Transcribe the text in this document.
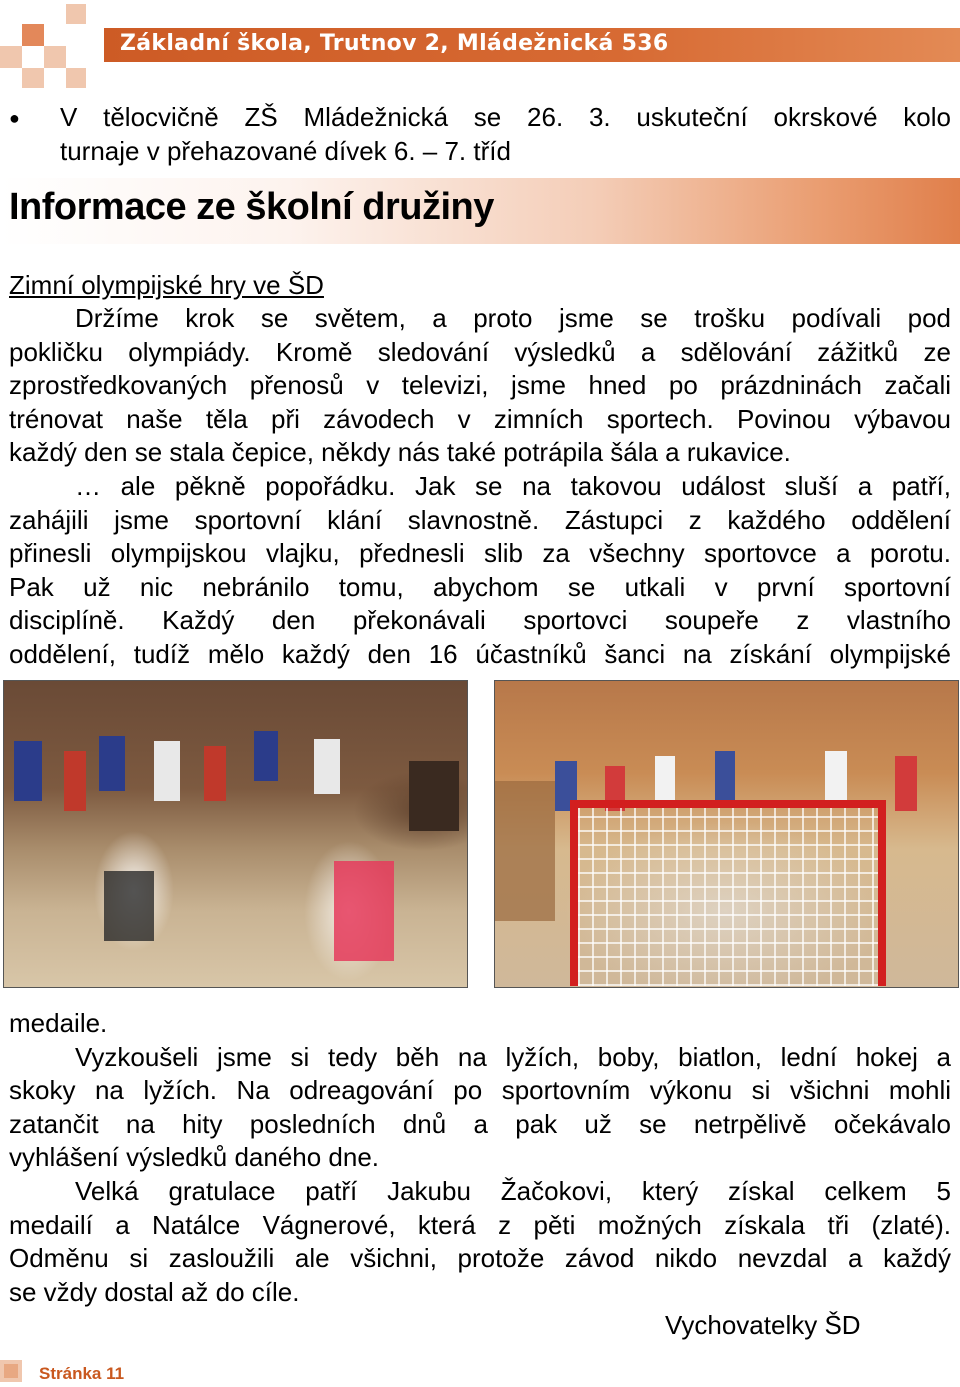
Základní škola, Trutnov 2, Mládežnická 536
● V tělocvičně ZŠ Mládežnická se 26. 3. uskuteční okrskové kolo
turnaje v přehazované dívek 6. – 7. tříd
Informace ze školní družiny
Zimní olympijské hry ve ŠD
Držíme krok se světem, a proto jsme se trošku podívali pod
pokličku olympiády. Kromě sledování výsledků a sdělování zážitků ze
zprostředkovaných přenosů v televizi, jsme hned po prázdninách začali
trénovat naše těla při závodech v zimních sportech. Povinou výbavou
každý den se stala čepice, někdy nás také potrápila šála a rukavice.
… ale pěkně popořádku. Jak se na takovou událost sluší a patří,
zahájili jsme sportovní klání slavnostně. Zástupci z každého oddělení
přinesli olympijskou vlajku, přednesli slib za všechny sportovce a porotu.
Pak už nic nebránilo tomu, abychom se utkali v první sportovní
disciplíně. Každý den překonávali sportovci soupeře z vlastního
oddělení, tudíž mělo každý den 16 účastníků šanci na získání olympijské
medaile.
Vyzkoušeli jsme si tedy běh na lyžích, boby, biatlon, lední hokej a
skoky na lyžích. Na odreagování po sportovním výkonu si všichni mohli
zatančit na hity posledních dnů a pak už se netrpělivě očekávalo
vyhlášení výsledků daného dne.
Velká gratulace patří Jakubu Žačokovi, který získal celkem 5
medailí a Natálce Vágnerové, která z pěti možných získala tři (zlaté).
Odměnu si zasloužili ale všichni, protože závod nikdo nevzdal a každý
se vždy dostal až do cíle.
Vychovatelky ŠD
Stránka 11
